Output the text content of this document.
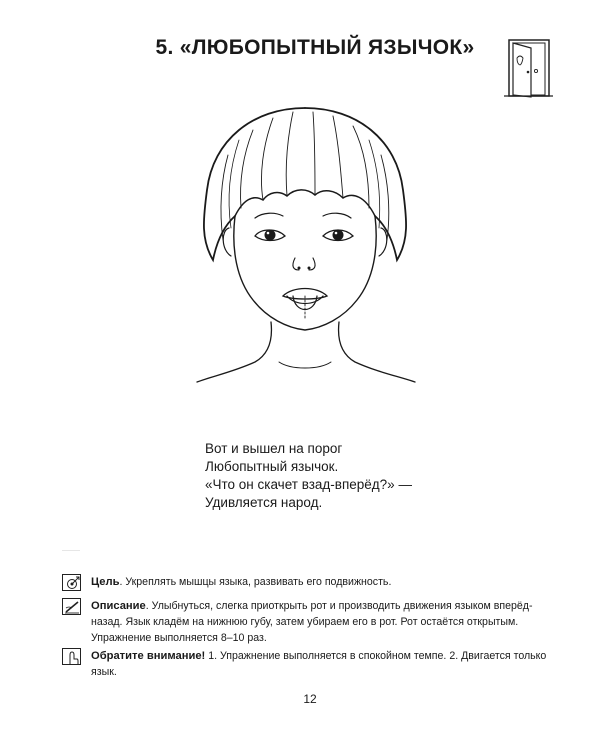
5. «ЛЮБОПЫТНЫЙ ЯЗЫЧОК»
Вот и вышел на порог
Любопытный язычок.
«Что он скачет взад-вперёд?» —
Удивляется народ.
Цель. Укреплять мышцы языка, развивать его подвижность.
Описание. Улыбнуться, слегка приоткрыть рот и производить движения языком вперёд-назад. Язык кладём на нижнюю губу, затем убираем его в рот. Рот остаётся открытым. Упражнение выполняется 8–10 раз.
Обратите внимание! 1. Упражнение выполняется в спокойном темпе. 2. Двигается только язык.
12
